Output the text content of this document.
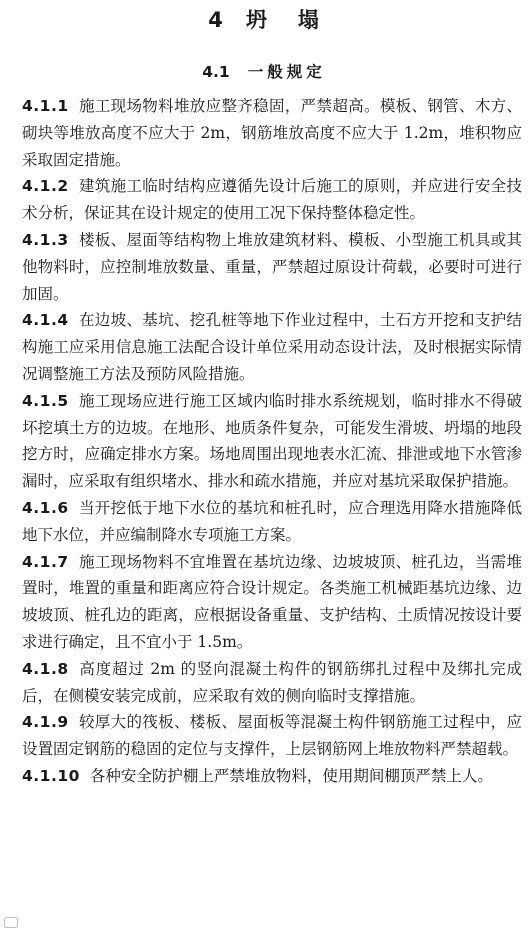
4 坍 塌
4.1 一般规定

4.1.1 施工现场物料堆放应整齐稳固，严禁超高。模板、钢管、木方、砌块等堆放高度不应大于 2m，钢筋堆放高度不应大于 1.2m，堆积物应采取固定措施。

4.1.2 建筑施工临时结构应遵循先设计后施工的原则，并应进行安全技术分析，保证其在设计规定的使用工况下保持整体稳定性。

4.1.3 楼板、屋面等结构物上堆放建筑材料、模板、小型施工机具或其他物料时，应控制堆放数量、重量，严禁超过原设计荷载，必要时可进行加固。

4.1.4 在边坡、基坑、挖孔桩等地下作业过程中，土石方开挖和支护结构施工应采用信息施工法配合设计单位采用动态设计法，及时根据实际情况调整施工方法及预防风险措施。

4.1.5 施工现场应进行施工区域内临时排水系统规划，临时排水不得破坏挖填土方的边坡。在地形、地质条件复杂，可能发生滑坡、坍塌的地段挖方时，应确定排水方案。场地周围出现地表水汇流、排泄或地下水管渗漏时，应采取有组织堵水、排水和疏水措施，并应对基坑采取保护措施。

4.1.6 当开挖低于地下水位的基坑和桩孔时，应合理选用降水措施降低地下水位，并应编制降水专项施工方案。

4.1.7 施工现场物料不宜堆置在基坑边缘、边坡坡顶、桩孔边，当需堆置时，堆置的重量和距离应符合设计规定。各类施工机械距基坑边缘、边坡坡顶、桩孔边的距离，应根据设备重量、支护结构、土质情况按设计要求进行确定，且不宜小于 1.5m。

4.1.8 高度超过 2m 的竖向混凝土构件的钢筋绑扎过程中及绑扎完成后，在侧模安装完成前，应采取有效的侧向临时支撑措施。

4.1.9 较厚大的筏板、楼板、屋面板等混凝土构件钢筋施工过程中，应设置固定钢筋的稳固的定位与支撑件，上层钢筋网上堆放物料严禁超载。

4.1.10 各种安全防护棚上严禁堆放物料，使用期间棚顶严禁上人。
